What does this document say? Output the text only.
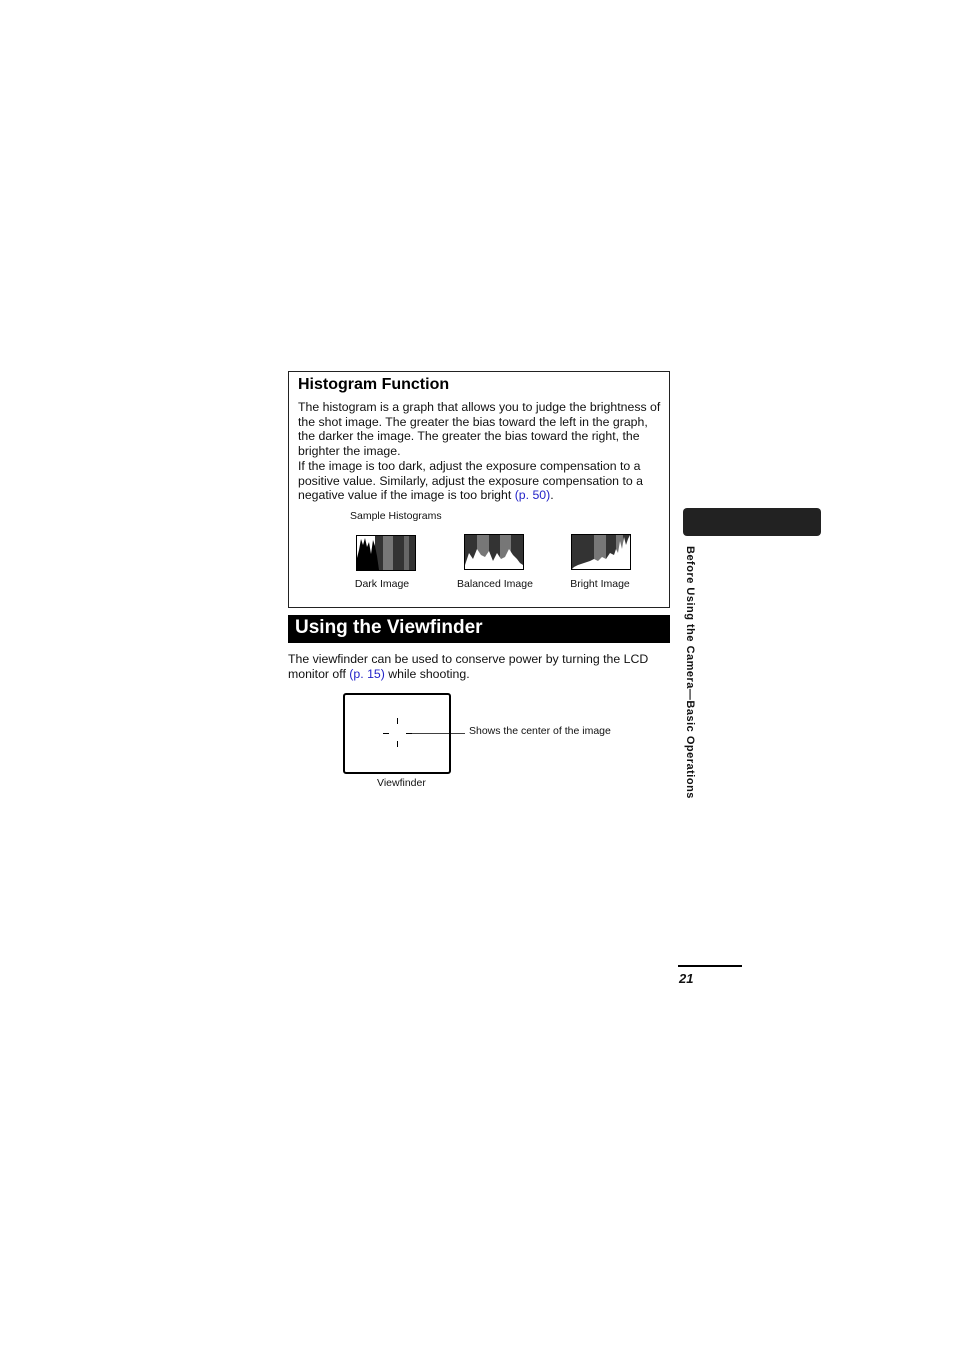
Histogram Function
The histogram is a graph that allows you to judge the brightness of the shot image. The greater the bias toward the left in the graph, the darker the image. The greater the bias toward the right, the brighter the image.
If the image is too dark, adjust the exposure compensation to a positive value. Similarly, adjust the exposure compensation to a negative value if the image is too bright (p. 50).
Sample Histograms
Dark Image	Balanced Image	Bright Image
Using the Viewfinder
The viewfinder can be used to conserve power by turning the LCD monitor off (p. 15) while shooting.
Shows the center of the image
Viewfinder	Before Using the Camera—Basic Operations
21
